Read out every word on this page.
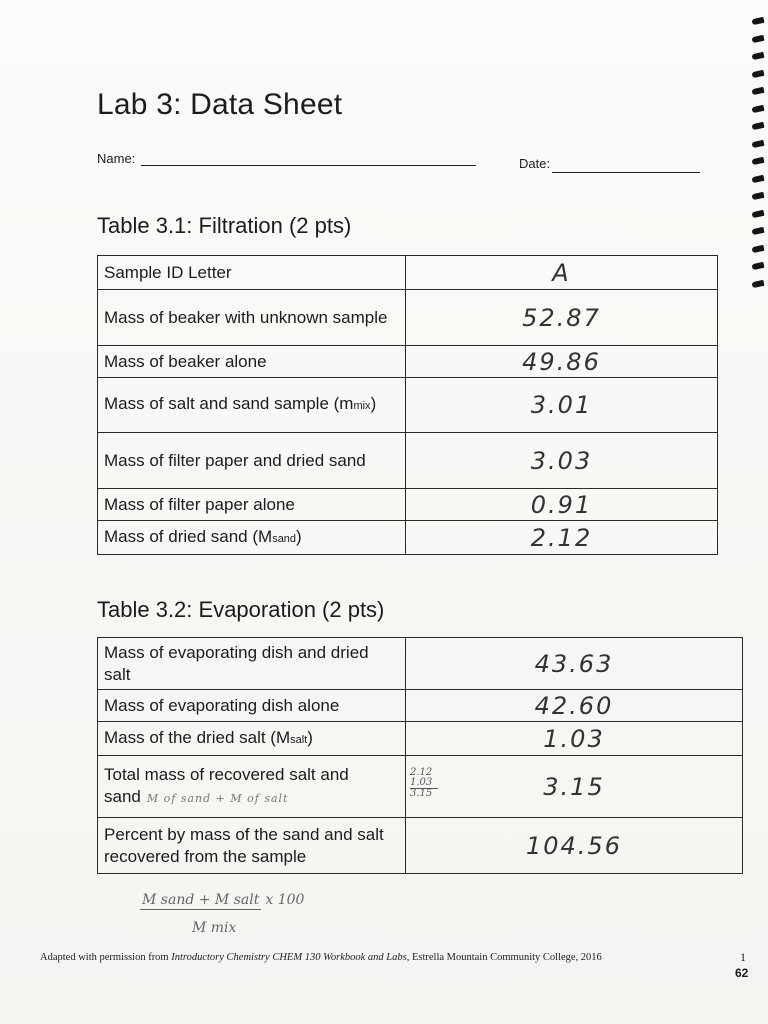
Lab 3: Data Sheet
Name:	Date:
Table 3.1: Filtration (2 pts)
Sample ID Letter	A
Mass of beaker with unknown sample	52.87
Mass of beaker alone	49.86
Mass of salt and sand sample (mmix)	3.01
Mass of filter paper and dried sand	3.03
Mass of filter paper alone	0.91
Mass of dried sand (Msand)	2.12
Table 3.2: Evaporation (2 pts)
Mass of evaporating dish and dried salt	43.63
Mass of evaporating dish alone	42.60
Mass of the dried salt (Msalt)	1.03
Total mass of recovered salt and sand M of sand + M of salt	3.15
Percent by mass of the sand and salt recovered from the sample	104.56
2.12
1.03
3.15
M sand + M salt x 100
M mix
Adapted with permission from Introductory Chemistry CHEM 130 Workbook and Labs, Estrella Mountain Community College, 2016	1
62
